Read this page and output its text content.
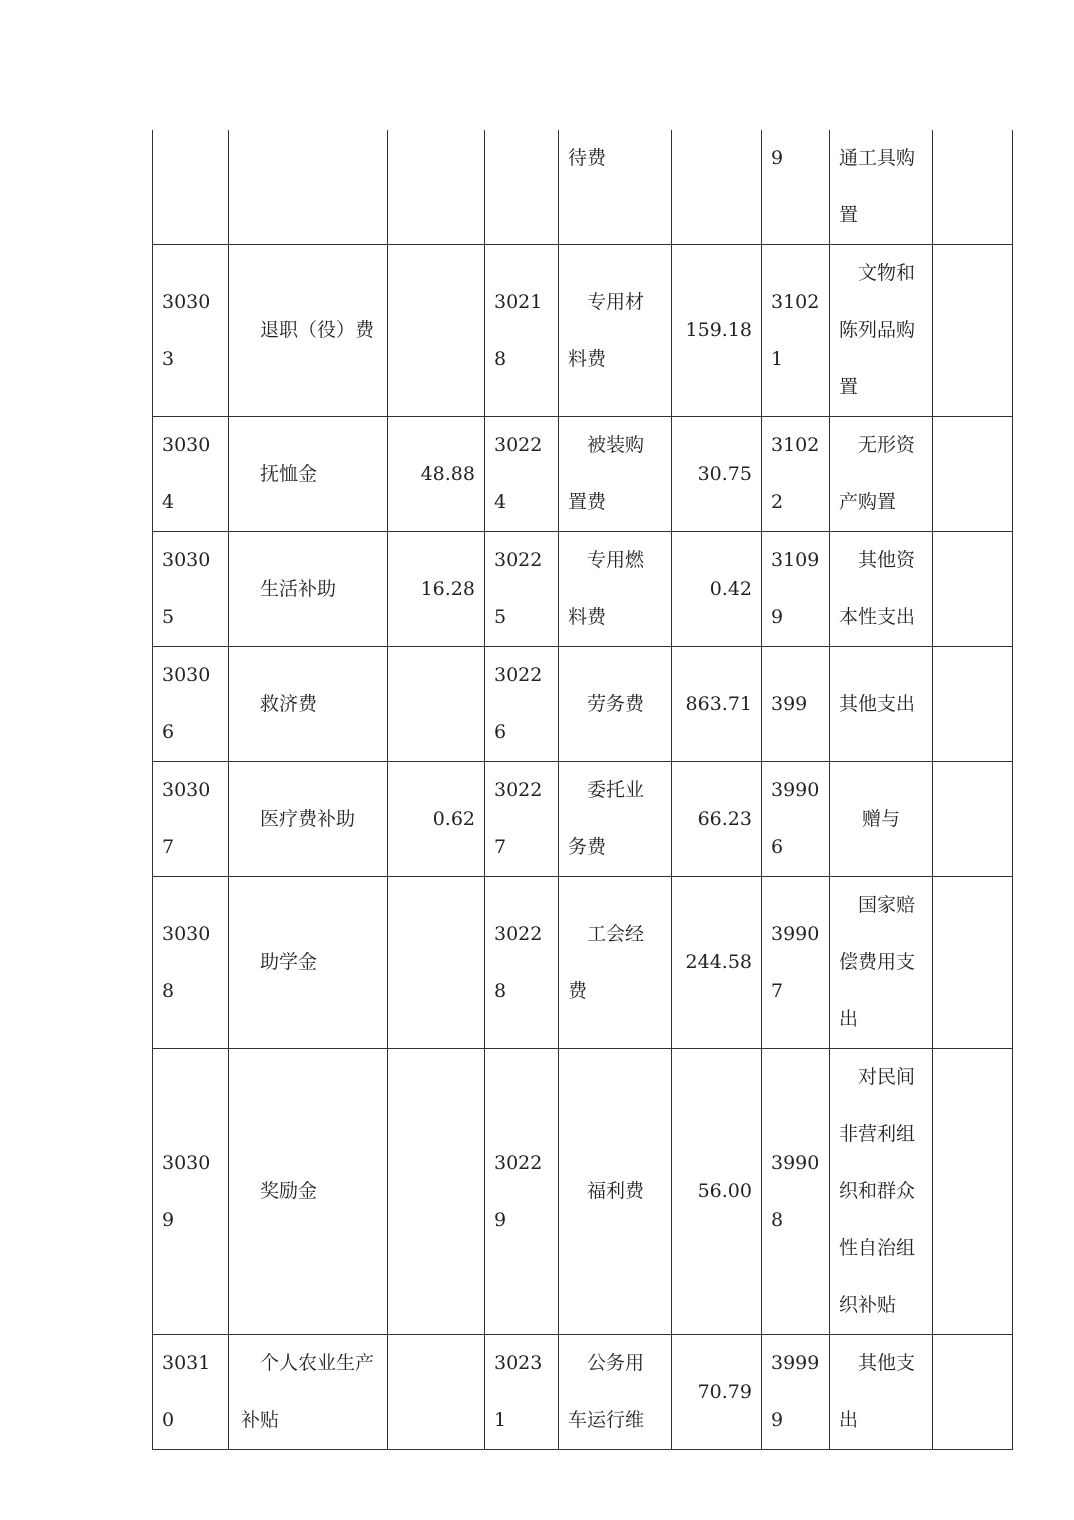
				待费		9	通工具购置	
30303	退职（役）费		30218	专用材料费	159.18	31021	文物和陈列品购置	
30304	抚恤金	48.88	30224	被装购置费	30.75	31022	无形资产购置	
30305	生活补助	16.28	30225	专用燃料费	0.42	31099	其他资本性支出	
30306	救济费		30226	劳务费	863.71	399	其他支出	
30307	医疗费补助	0.62	30227	委托业务费	66.23	39906	赠与	
30308	助学金		30228	工会经费	244.58	39907	国家赔偿费用支出	
30309	奖励金		30229	福利费	56.00	39908	对民间非营利组织和群众性自治组织补贴	
30310	个人农业生产补贴		30231	公务用车运行维	70.79	39999	其他支出	
